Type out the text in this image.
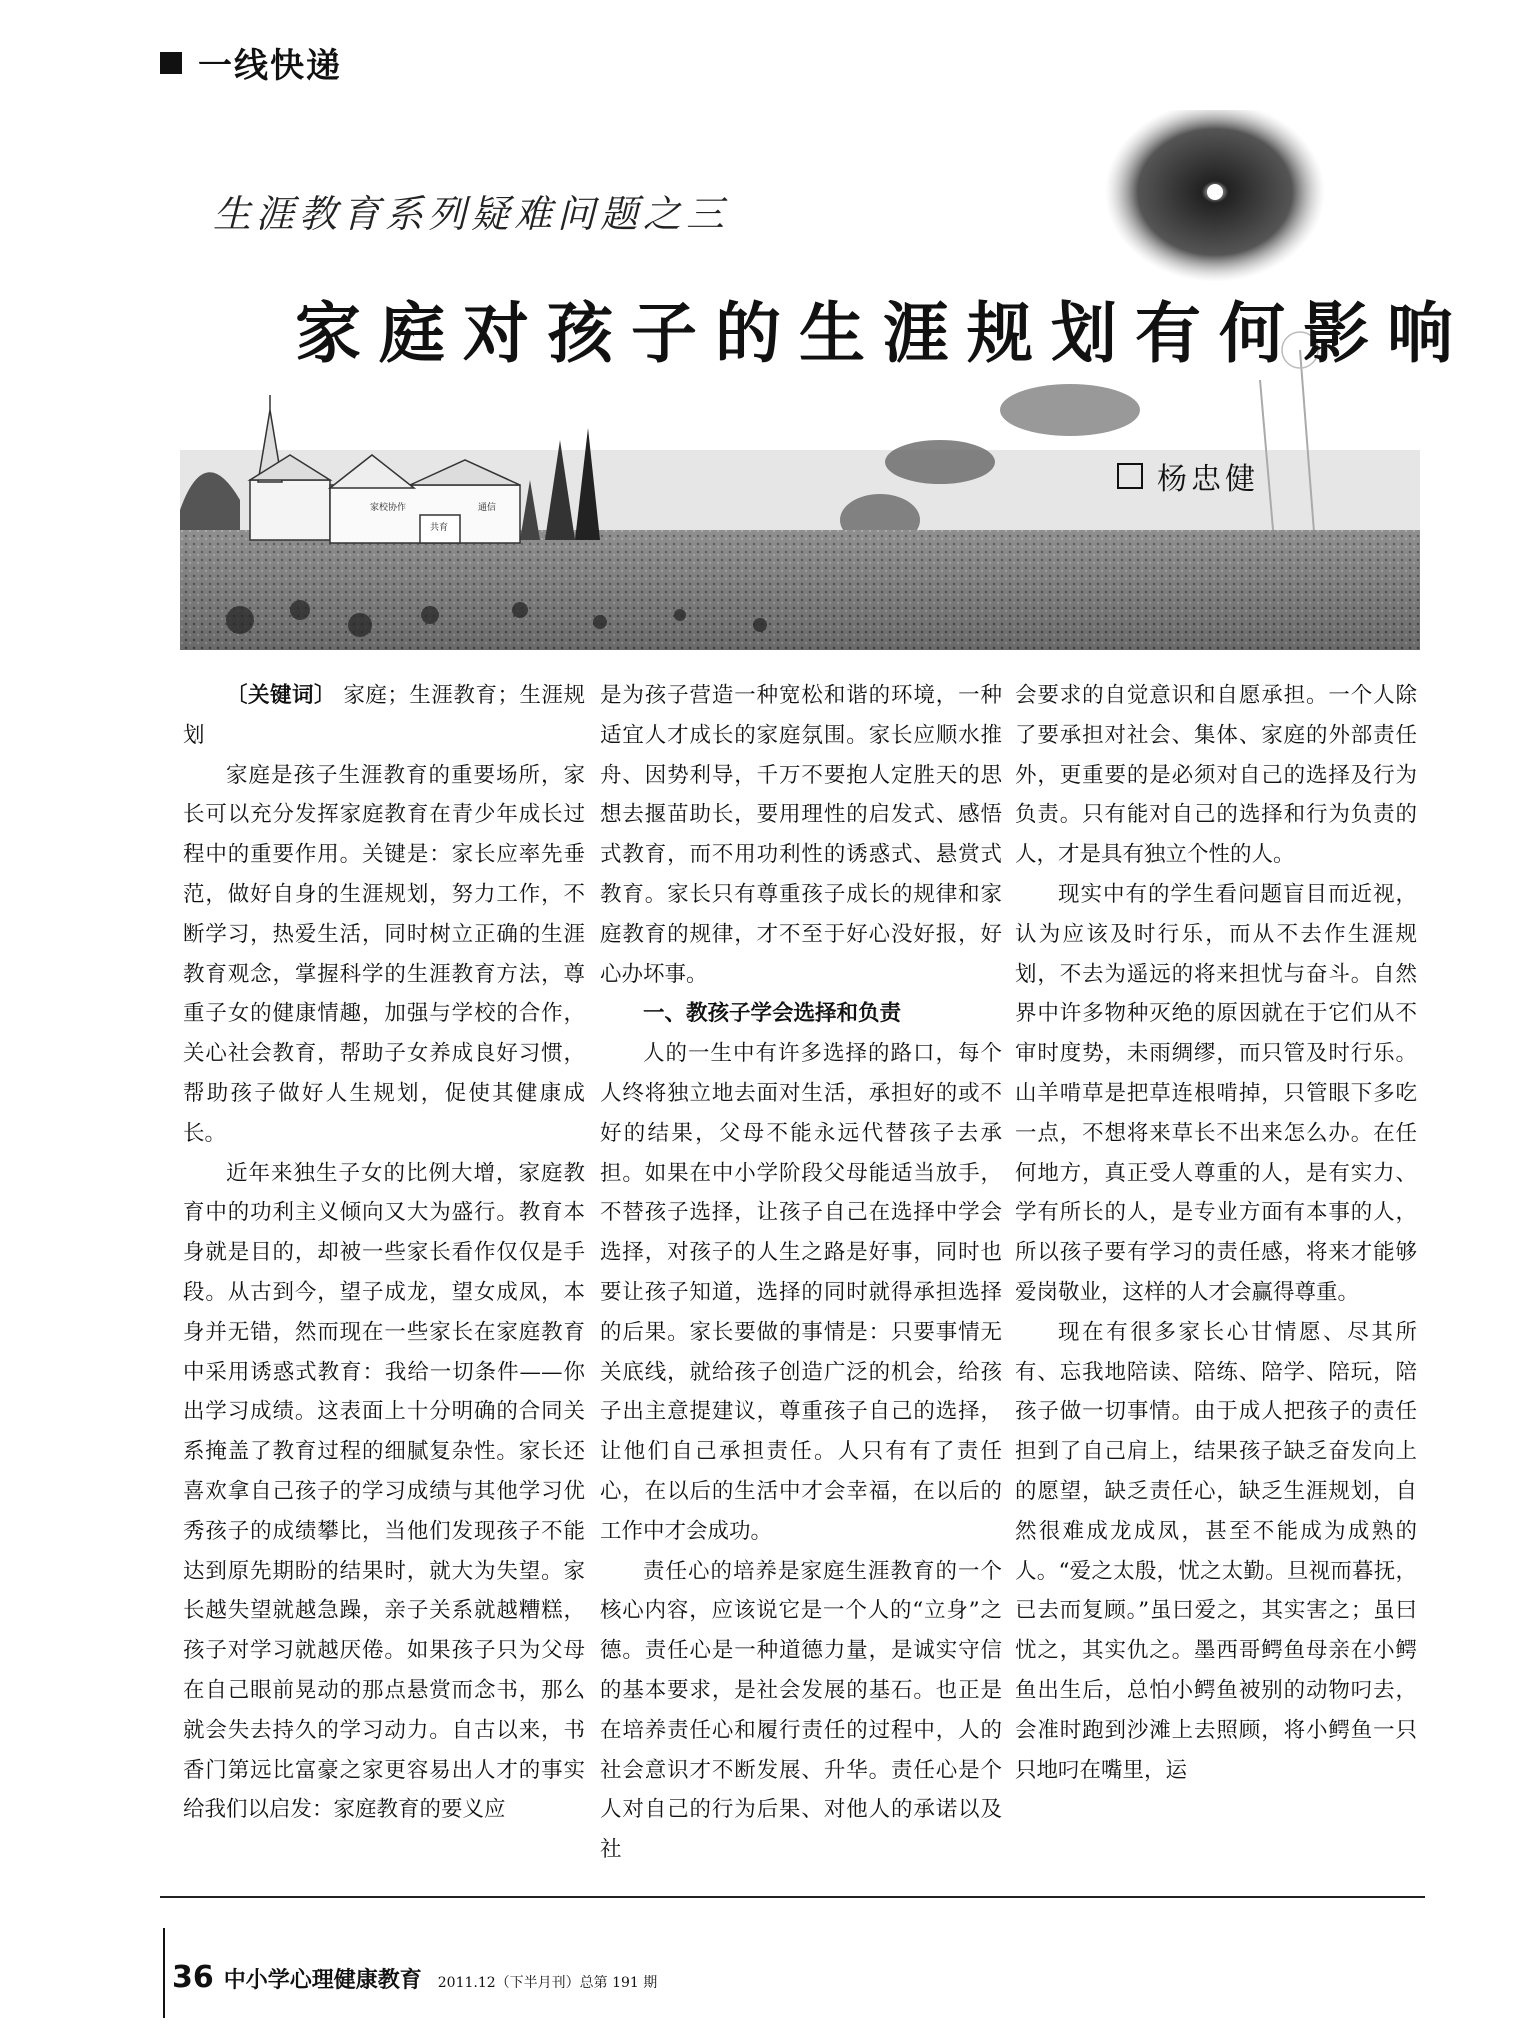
一线快递
家校协作
共育
通信
生涯教育系列疑难问题之三
家庭对孩子的生涯规划有何影响
杨忠健

〔关键词〕 家庭；生涯教育；生涯规划

家庭是孩子生涯教育的重要场所，家长可以充分发挥家庭教育在青少年成长过程中的重要作用。关键是：家长应率先垂范，做好自身的生涯规划，努力工作，不断学习，热爱生活，同时树立正确的生涯教育观念，掌握科学的生涯教育方法，尊重子女的健康情趣，加强与学校的合作，关心社会教育，帮助子女养成良好习惯，帮助孩子做好人生规划，促使其健康成长。

近年来独生子女的比例大增，家庭教育中的功利主义倾向又大为盛行。教育本身就是目的，却被一些家长看作仅仅是手段。从古到今，望子成龙，望女成凤，本身并无错，然而现在一些家长在家庭教育中采用诱惑式教育：我给一切条件——你出学习成绩。这表面上十分明确的合同关系掩盖了教育过程的细腻复杂性。家长还喜欢拿自己孩子的学习成绩与其他学习优秀孩子的成绩攀比，当他们发现孩子不能达到原先期盼的结果时，就大为失望。家长越失望就越急躁，亲子关系就越糟糕，孩子对学习就越厌倦。如果孩子只为父母在自己眼前晃动的那点悬赏而念书，那么就会失去持久的学习动力。自古以来，书香门第远比富豪之家更容易出人才的事实给我们以启发：家庭教育的要义应

是为孩子营造一种宽松和谐的环境，一种适宜人才成长的家庭氛围。家长应顺水推舟、因势利导，千万不要抱人定胜天的思想去揠苗助长，要用理性的启发式、感悟式教育，而不用功利性的诱惑式、悬赏式教育。家长只有尊重孩子成长的规律和家庭教育的规律，才不至于好心没好报，好心办坏事。

一、教孩子学会选择和负责

人的一生中有许多选择的路口，每个人终将独立地去面对生活，承担好的或不好的结果，父母不能永远代替孩子去承担。如果在中小学阶段父母能适当放手，不替孩子选择，让孩子自己在选择中学会选择，对孩子的人生之路是好事，同时也要让孩子知道，选择的同时就得承担选择的后果。家长要做的事情是：只要事情无关底线，就给孩子创造广泛的机会，给孩子出主意提建议，尊重孩子自己的选择，让他们自己承担责任。人只有有了责任心，在以后的生活中才会幸福，在以后的工作中才会成功。

责任心的培养是家庭生涯教育的一个核心内容，应该说它是一个人的“立身”之德。责任心是一种道德力量，是诚实守信的基本要求，是社会发展的基石。也正是在培养责任心和履行责任的过程中，人的社会意识才不断发展、升华。责任心是个人对自己的行为后果、对他人的承诺以及社

会要求的自觉意识和自愿承担。一个人除了要承担对社会、集体、家庭的外部责任外，更重要的是必须对自己的选择及行为负责。只有能对自己的选择和行为负责的人，才是具有独立个性的人。

现实中有的学生看问题盲目而近视，认为应该及时行乐，而从不去作生涯规划，不去为遥远的将来担忧与奋斗。自然界中许多物种灭绝的原因就在于它们从不审时度势，未雨绸缪，而只管及时行乐。山羊啃草是把草连根啃掉，只管眼下多吃一点，不想将来草长不出来怎么办。在任何地方，真正受人尊重的人，是有实力、学有所长的人，是专业方面有本事的人，所以孩子要有学习的责任感，将来才能够爱岗敬业，这样的人才会赢得尊重。

现在有很多家长心甘情愿、尽其所有、忘我地陪读、陪练、陪学、陪玩，陪孩子做一切事情。由于成人把孩子的责任担到了自己肩上，结果孩子缺乏奋发向上的愿望，缺乏责任心，缺乏生涯规划，自然很难成龙成凤，甚至不能成为成熟的人。“爱之太殷，忧之太勤。旦视而暮抚，已去而复顾。”虽曰爱之，其实害之；虽曰忧之，其实仇之。墨西哥鳄鱼母亲在小鳄鱼出生后，总怕小鳄鱼被别的动物叼去，会准时跑到沙滩上去照顾，将小鳄鱼一只只地叼在嘴里，运

36 中小学心理健康教育 2011.12（下半月刊）总第 191 期
